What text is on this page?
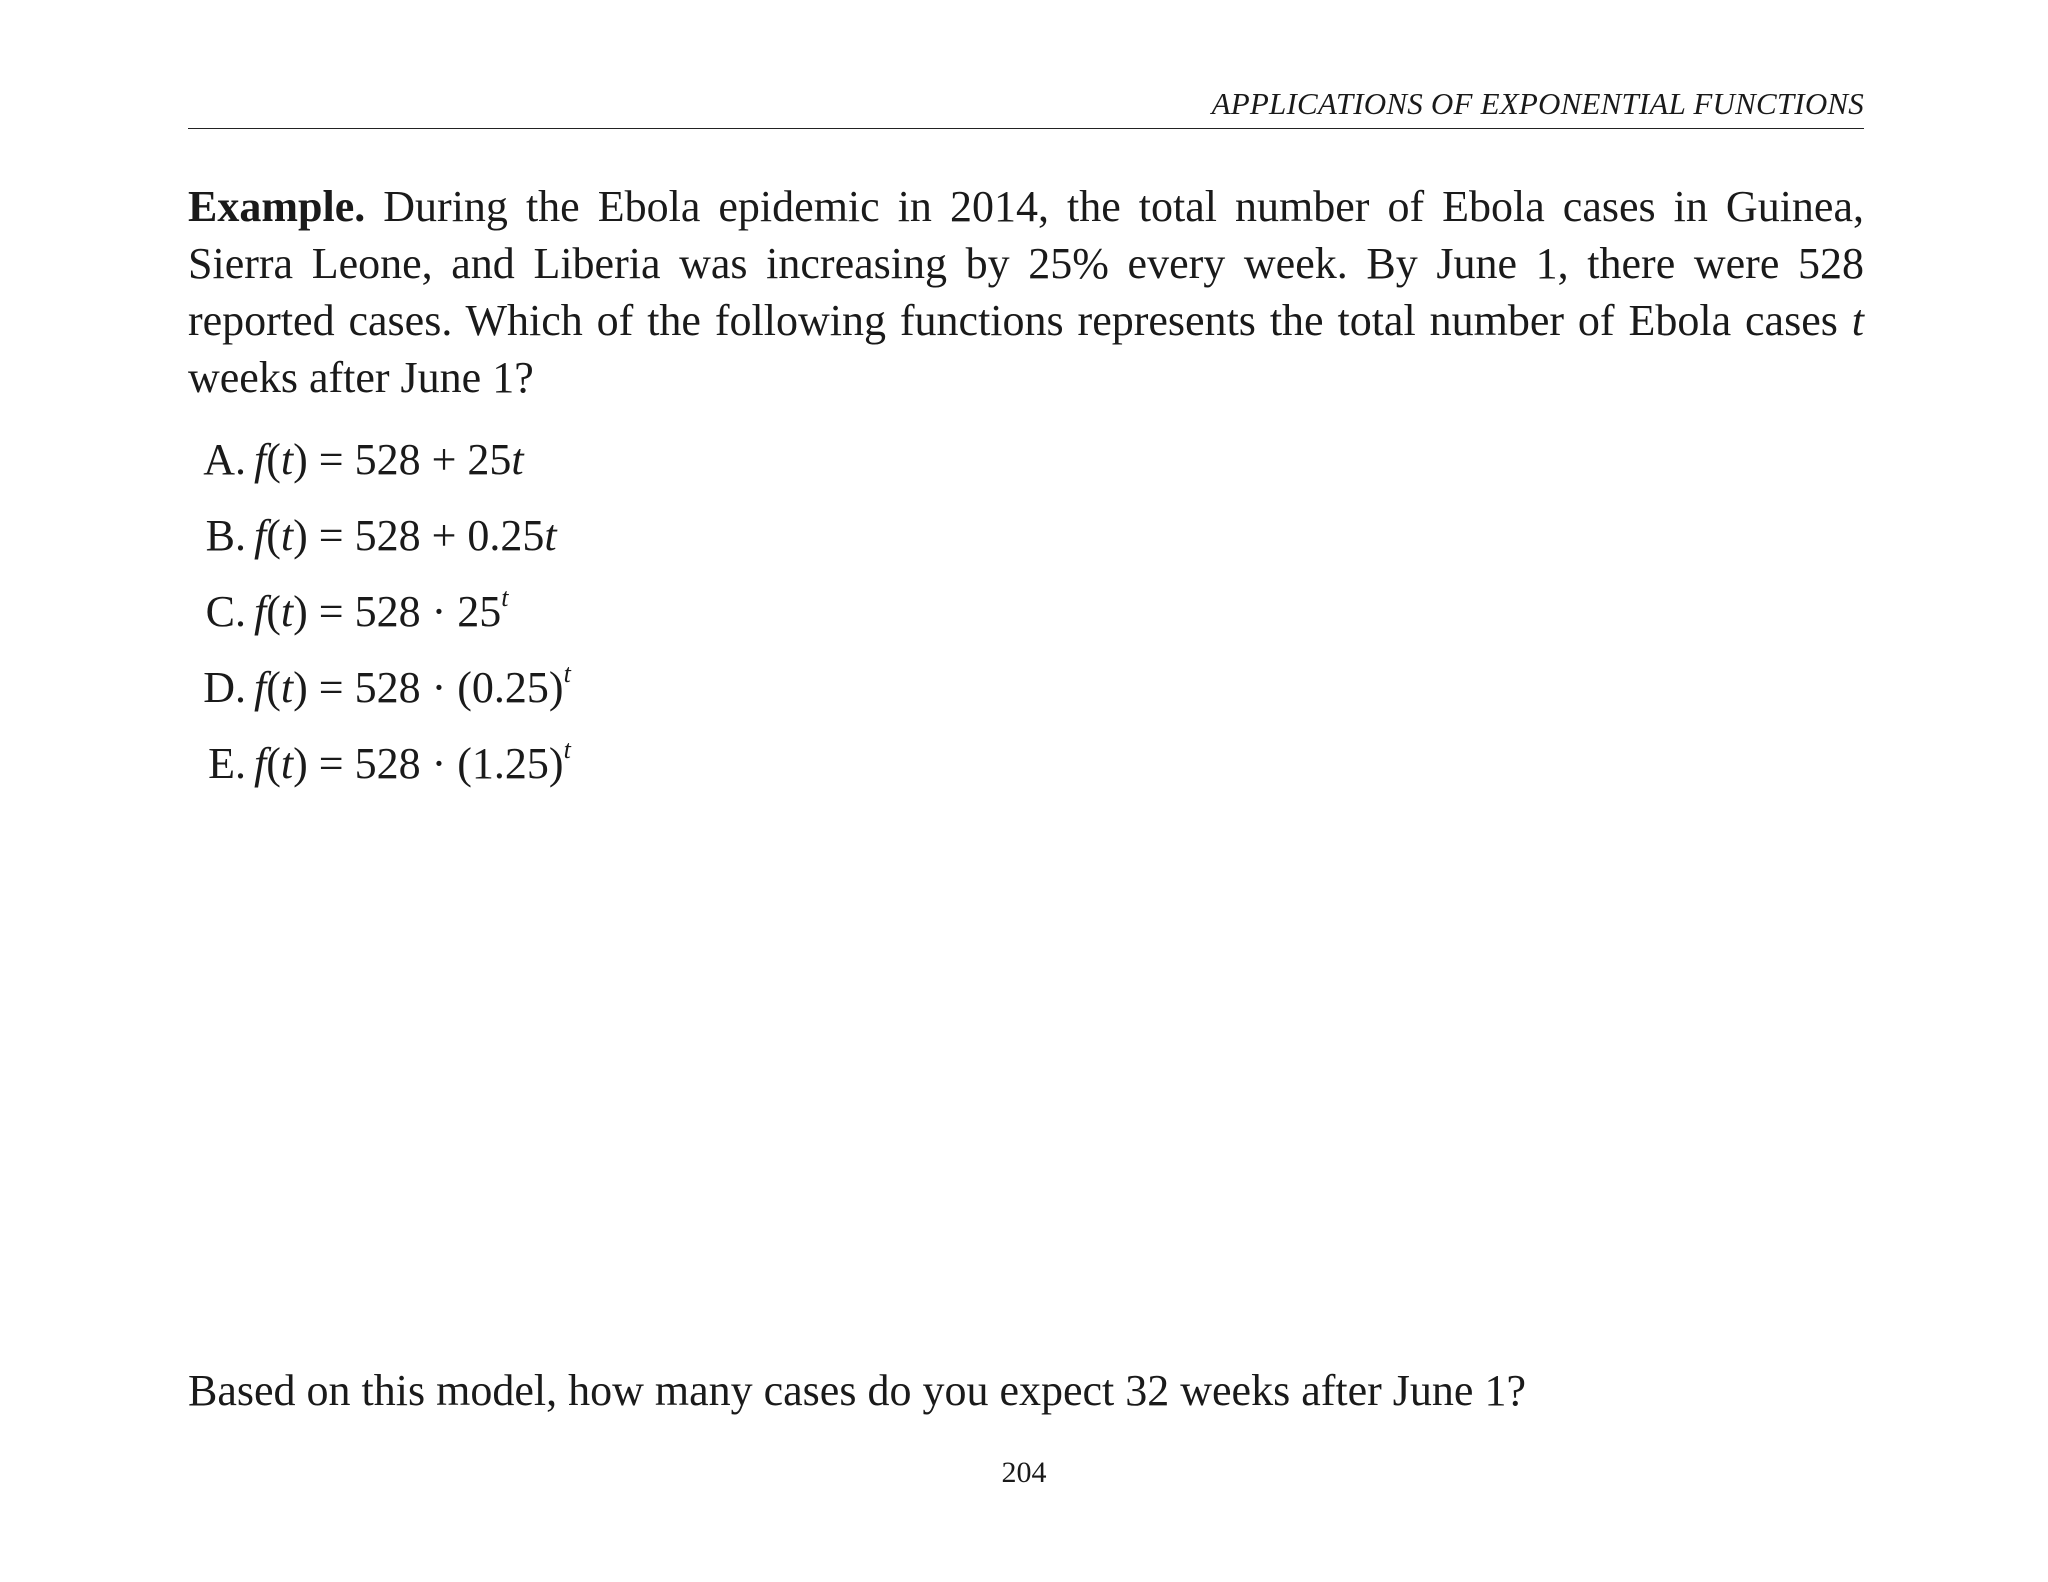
APPLICATIONS OF EXPONENTIAL FUNCTIONS
Example. During the Ebola epidemic in 2014, the total number of Ebola cases in Guinea, Sierra Leone, and Liberia was increasing by 25% every week. By June 1, there were 528 reported cases. Which of the following functions represents the total number of Ebola cases t weeks after June 1?
A. f(t) = 528 + 25t
B. f(t) = 528 + 0.25t
C. $f(t) = 528 \cdot 25^t$
D. $f(t) = 528 \cdot (0.25)^t$
E. $f(t) = 528 \cdot (1.25)^t$
Based on this model, how many cases do you expect 32 weeks after June 1?
204
